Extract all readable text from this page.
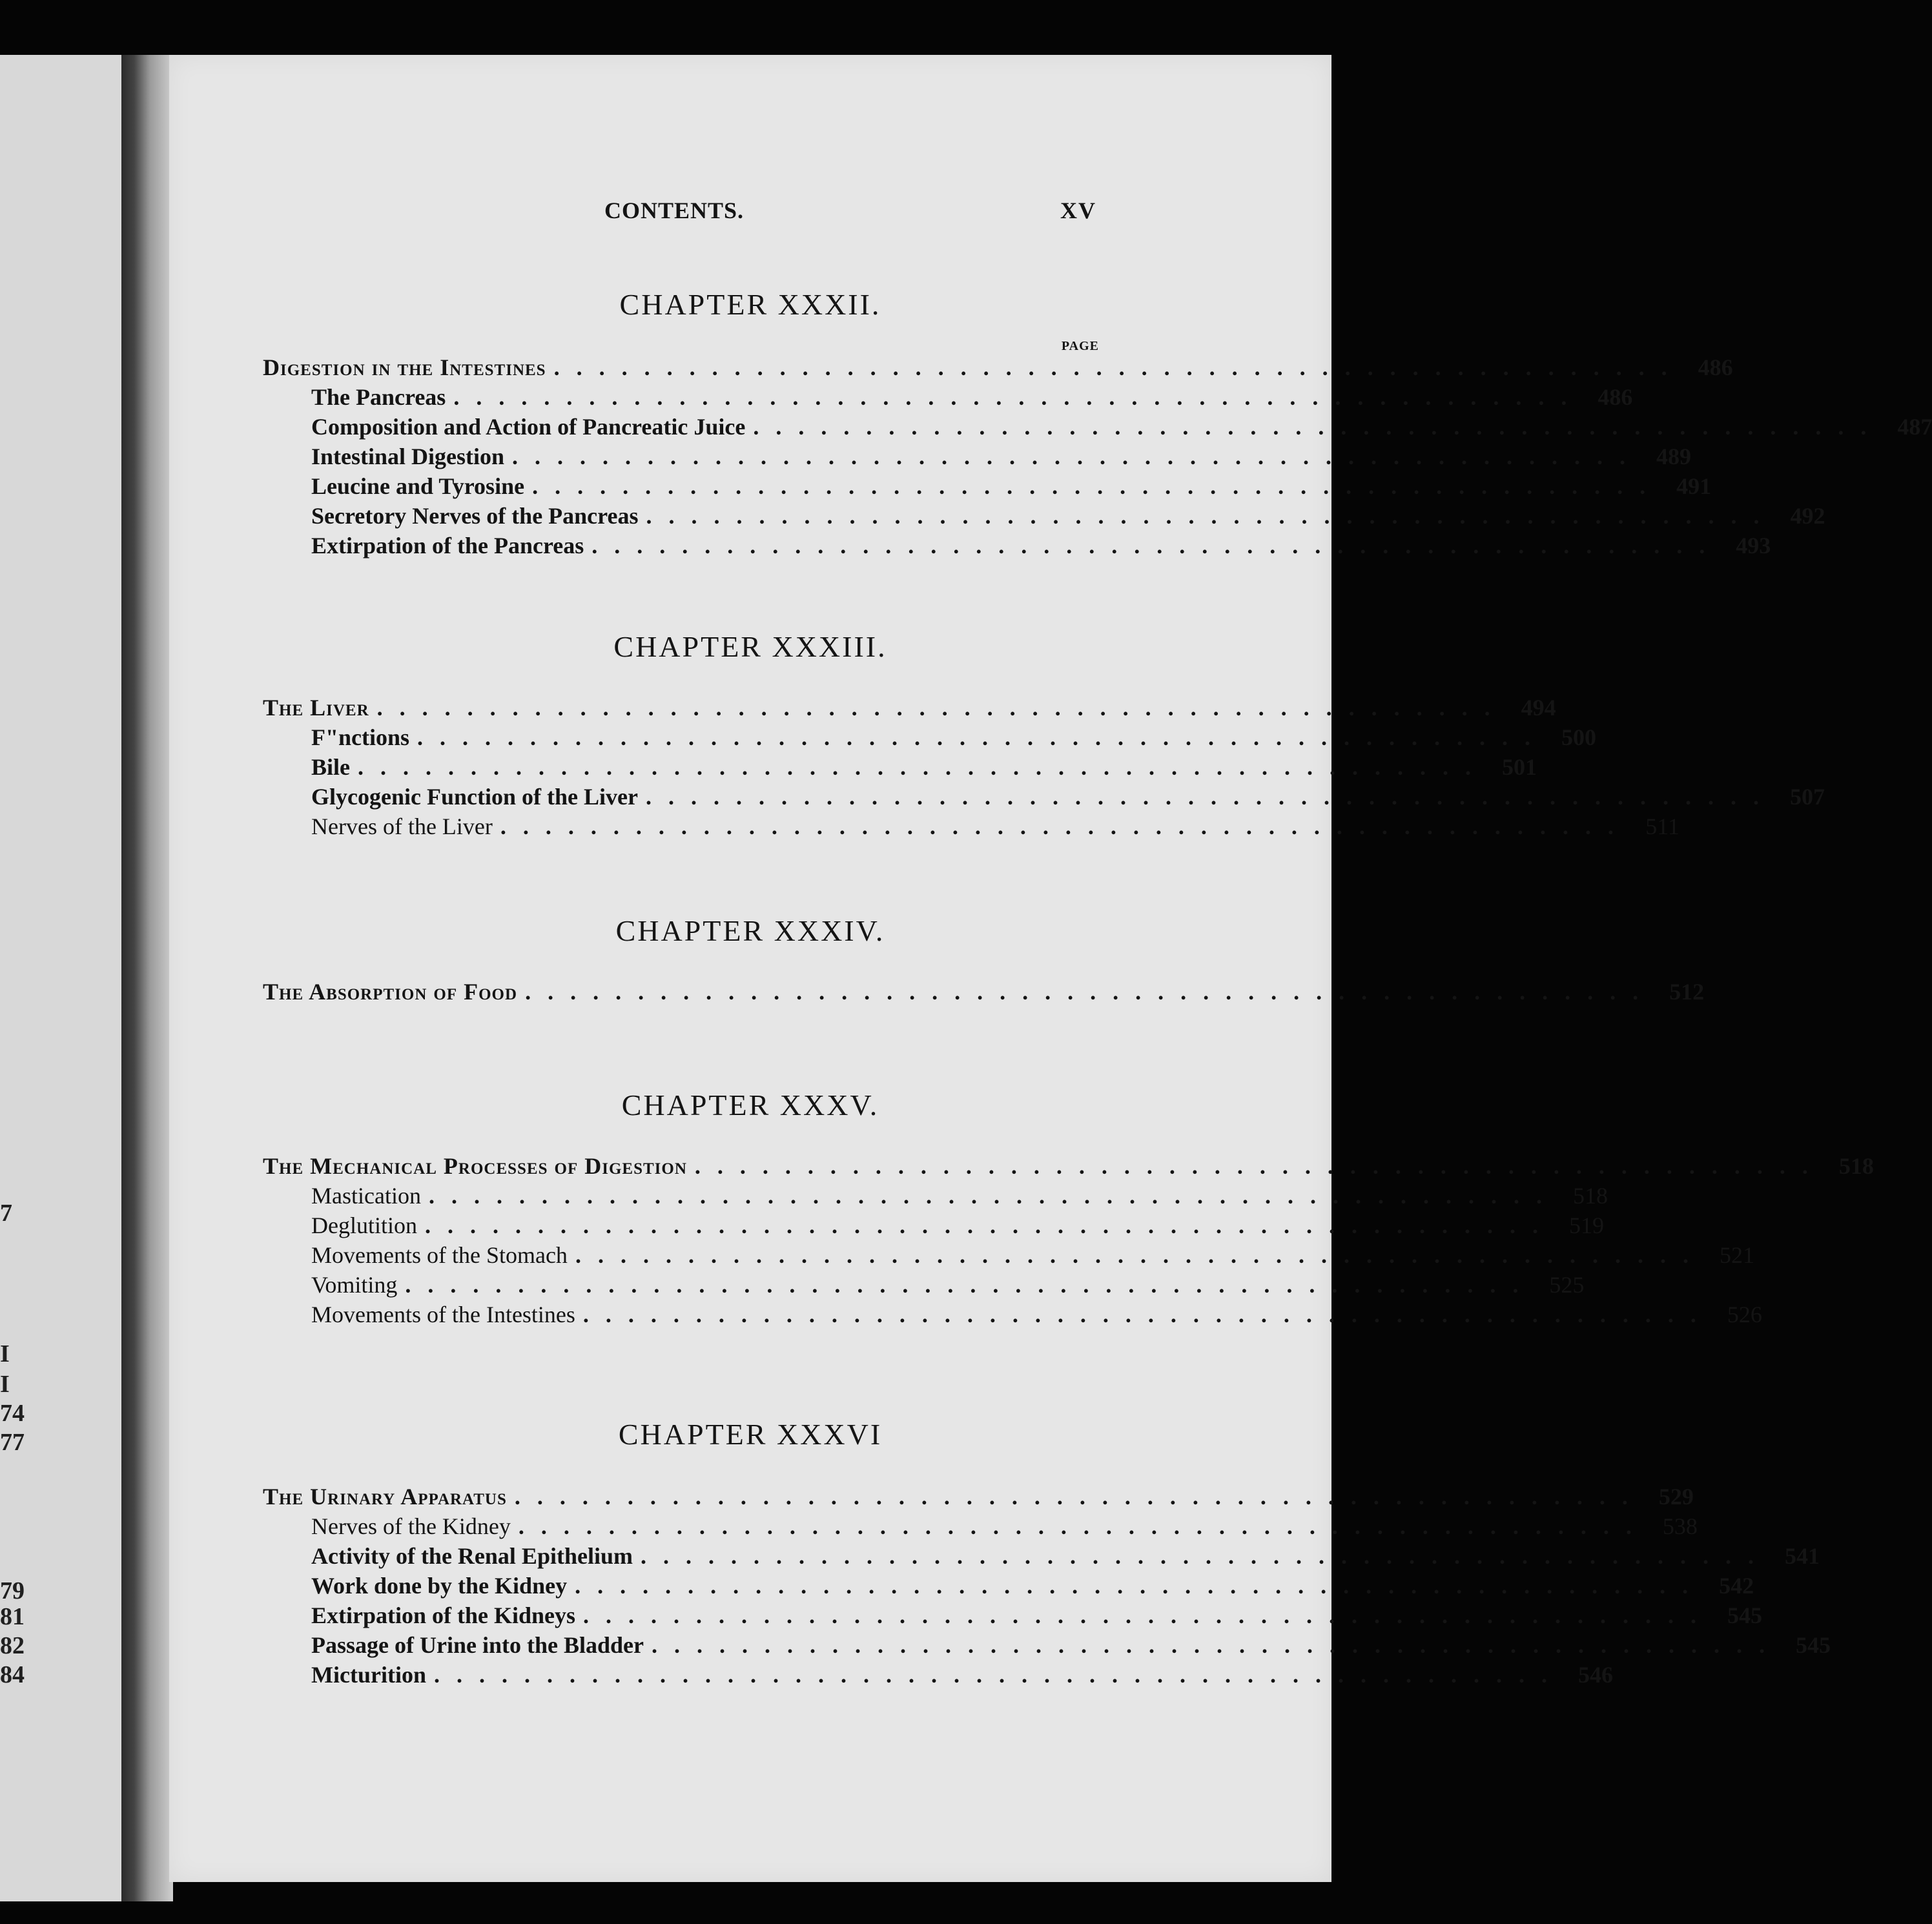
7
I
I
74
77
79
81
82
84
CONTENTS.	XV
CHAPTER XXXII.
PAGE
Digestion in the Intestines .................................................. 486
The Pancreas .................................................. 486
Composition and Action of Pancreatic Juice .................................................. 487
Intestinal Digestion .................................................. 489
Leucine and Tyrosine .................................................. 491
Secretory Nerves of the Pancreas .................................................. 492
Extirpation of the Pancreas .................................................. 493
CHAPTER XXXIII.
The Liver .................................................. 494
F"nctions .................................................. 500
Bile .................................................. 501
Glycogenic Function of the Liver .................................................. 507
Nerves of the Liver .................................................. 511
CHAPTER XXXIV.
The Absorption of Food .................................................. 512
CHAPTER XXXV.
The Mechanical Processes of Digestion .................................................. 518
Mastication .................................................. 518
Deglutition .................................................. 519
Movements of the Stomach .................................................. 521
Vomiting .................................................. 525
Movements of the Intestines .................................................. 526
CHAPTER XXXVI
The Urinary Apparatus .................................................. 529
Nerves of the Kidney .................................................. 538
Activity of the Renal Epithelium .................................................. 541
Work done by the Kidney .................................................. 542
Extirpation of the Kidneys .................................................. 545
Passage of Urine into the Bladder .................................................. 545
Micturition .................................................. 546
